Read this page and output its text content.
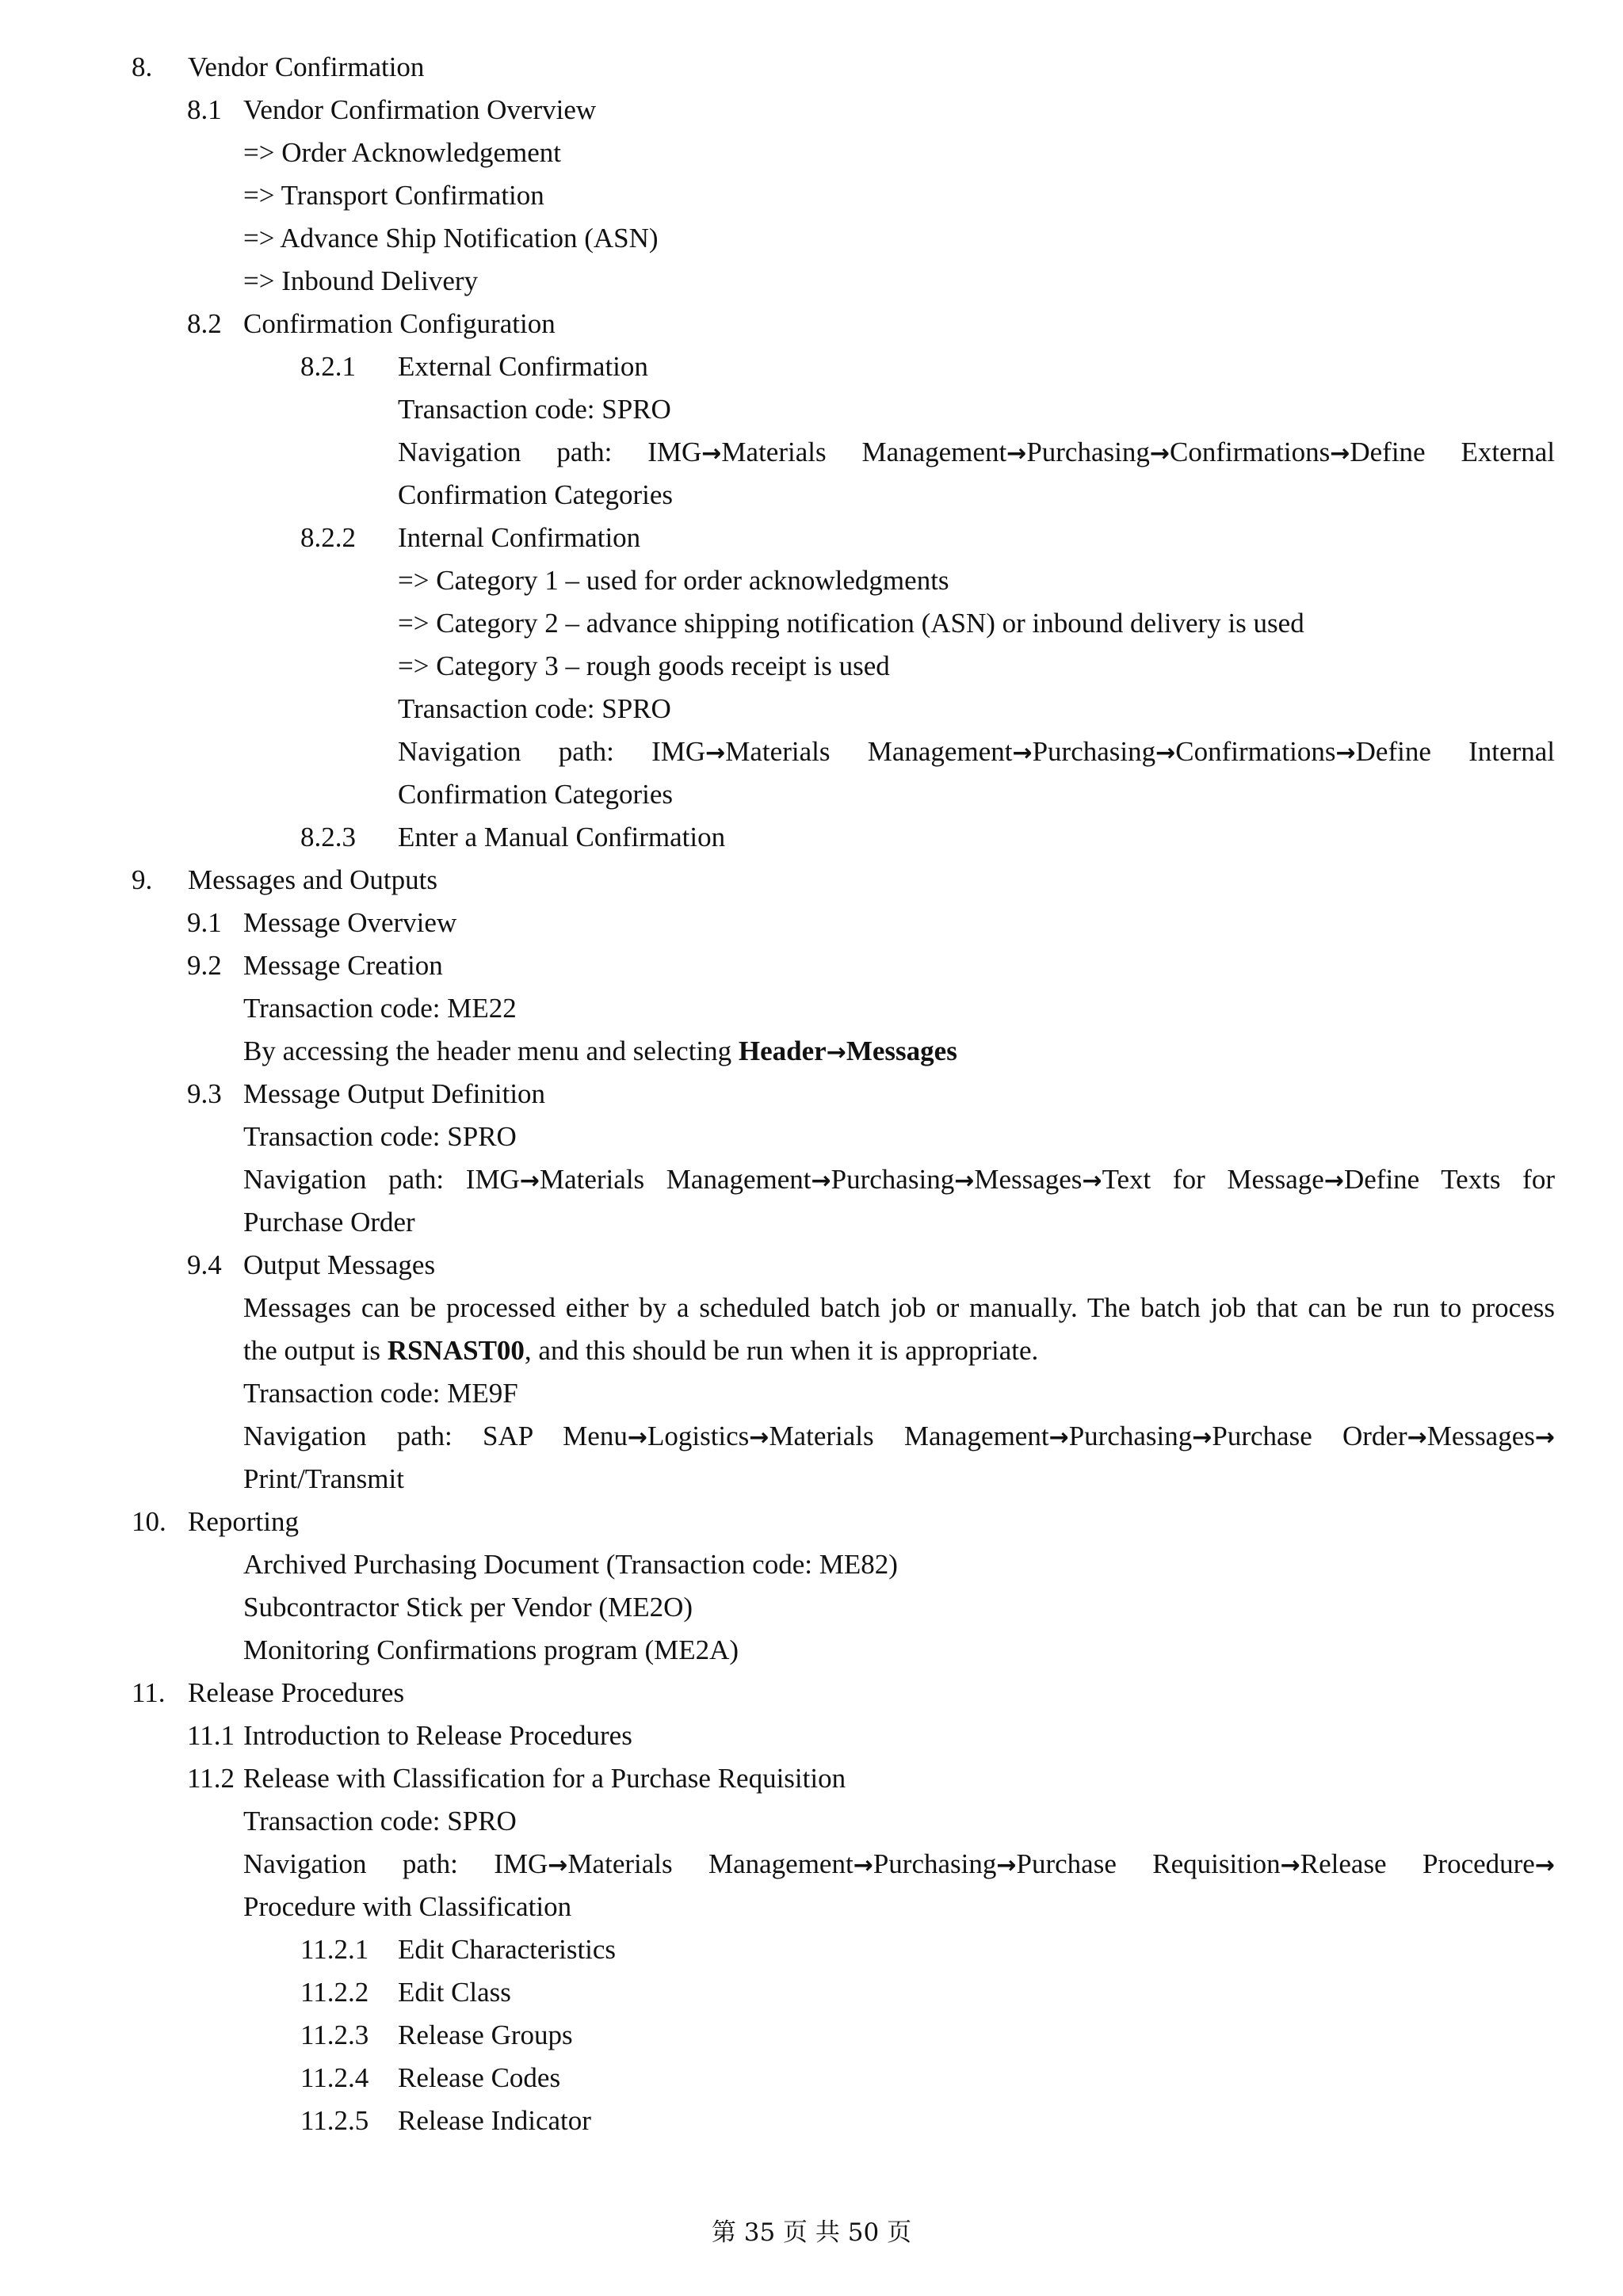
8. Vendor Confirmation
8.1 Vendor Confirmation Overview
=> Order Acknowledgement
=> Transport Confirmation
=> Advance Ship Notification (ASN)
=> Inbound Delivery
8.2 Confirmation Configuration
8.2.1 External Confirmation
Transaction code: SPRO
Navigation path: IMG→Materials Management→Purchasing→Confirmations→Define External
Confirmation Categories
8.2.2 Internal Confirmation
=> Category 1 – used for order acknowledgments
=> Category 2 – advance shipping notification (ASN) or inbound delivery is used
=> Category 3 – rough goods receipt is used
Transaction code: SPRO
Navigation path: IMG→Materials Management→Purchasing→Confirmations→Define Internal
Confirmation Categories
8.2.3 Enter a Manual Confirmation
9. Messages and Outputs
9.1 Message Overview
9.2 Message Creation
Transaction code: ME22
By accessing the header menu and selecting Header→Messages
9.3 Message Output Definition
Transaction code: SPRO
Navigation path: IMG→Materials Management→Purchasing→Messages→Text for Message→Define Texts for
Purchase Order
9.4 Output Messages
Messages can be processed either by a scheduled batch job or manually. The batch job that can be run to process
the output is RSNAST00, and this should be run when it is appropriate.
Transaction code: ME9F
Navigation path: SAP Menu→Logistics→Materials Management→Purchasing→Purchase Order→Messages→
Print/Transmit
10. Reporting
Archived Purchasing Document (Transaction code: ME82)
Subcontractor Stick per Vendor (ME2O)
Monitoring Confirmations program (ME2A)
11. Release Procedures
11.1 Introduction to Release Procedures
11.2 Release with Classification for a Purchase Requisition
Transaction code: SPRO
Navigation path: IMG→Materials Management→Purchasing→Purchase Requisition→Release Procedure→
Procedure with Classification
11.2.1 Edit Characteristics
11.2.2 Edit Class
11.2.3 Release Groups
11.2.4 Release Codes
11.2.5 Release Indicator
第 35 页 共 50 页
